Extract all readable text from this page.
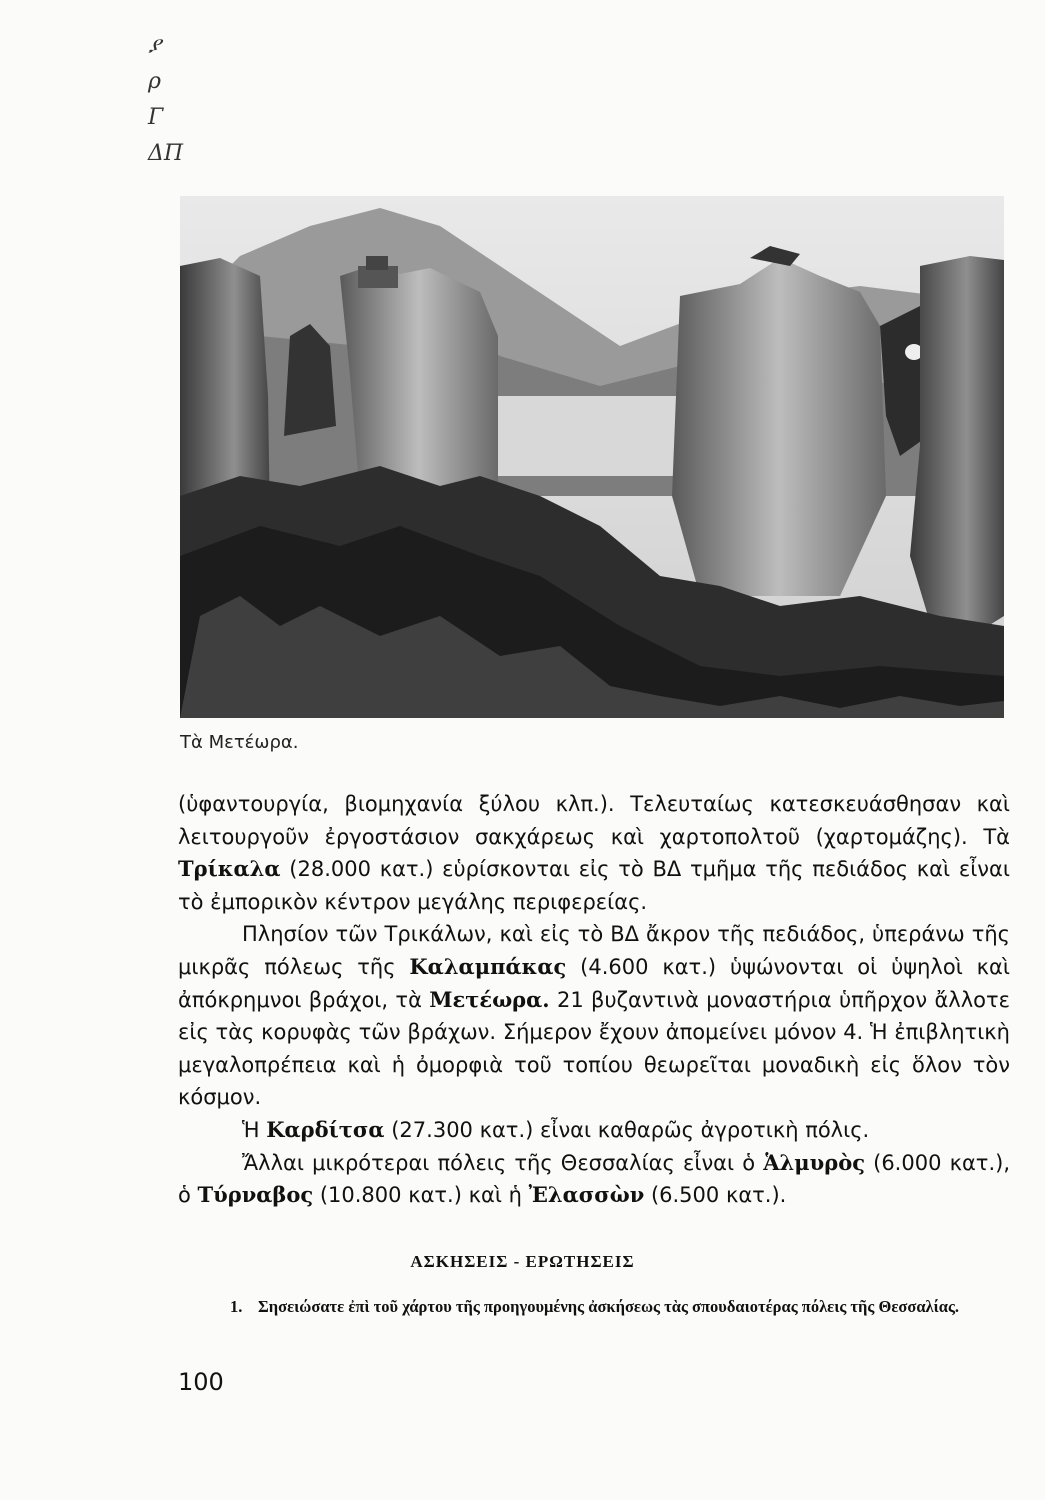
ያ
ρ
Γ
ΔΠ
Τὰ Μετέωρα.

(ὑφαντουργία, βιομηχανία ξύλου κλπ.). Τελευταίως κατεσκευάσθησαν καὶ λειτουργοῦν ἐργοστάσιον σακχάρεως καὶ χαρτοπολτοῦ (χαρτομάζης). Τὰ Τρίκαλα (28.000 κατ.) εὑρίσκονται εἰς τὸ ΒΔ τμῆμα τῆς πεδιάδος καὶ εἶναι τὸ ἐμπορικὸν κέντρον μεγάλης περιφερείας.

Πλησίον τῶν Τρικάλων, καὶ εἰς τὸ ΒΔ ἄκρον τῆς πεδιάδος, ὑπεράνω τῆς μικρᾶς πόλεως τῆς Καλαμπάκας (4.600 κατ.) ὑψώνονται οἱ ὑψηλοὶ καὶ ἀπόκρημνοι βράχοι, τὰ Μετέωρα. 21 βυζαντινὰ μοναστήρια ὑπῆρχον ἄλλοτε εἰς τὰς κορυφὰς τῶν βράχων. Σήμερον ἔχουν ἀπομείνει μόνον 4. Ἡ ἐπιβλητικὴ μεγαλοπρέπεια καὶ ἡ ὀμορφιὰ τοῦ τοπίου θεωρεῖται μοναδικὴ εἰς ὅλον τὸν κόσμον.

Ἡ Καρδίτσα (27.300 κατ.) εἶναι καθαρῶς ἀγροτικὴ πόλις.

Ἄλλαι μικρότεραι πόλεις τῆς Θεσσαλίας εἶναι ὁ Ἁλμυρὸς (6.000 κατ.), ὁ Τύρναβος (10.800 κατ.) καὶ ἡ Ἐλασσὼν (6.500 κατ.).

ΑΣΚΗΣΕΙΣ - ΕΡΩΤΗΣΕΙΣ
1. Σησειώσατε ἐπὶ τοῦ χάρτου τῆς προηγουμένης ἀσκήσεως τὰς σπουδαιοτέρας πόλεις τῆς Θεσσαλίας.
100
